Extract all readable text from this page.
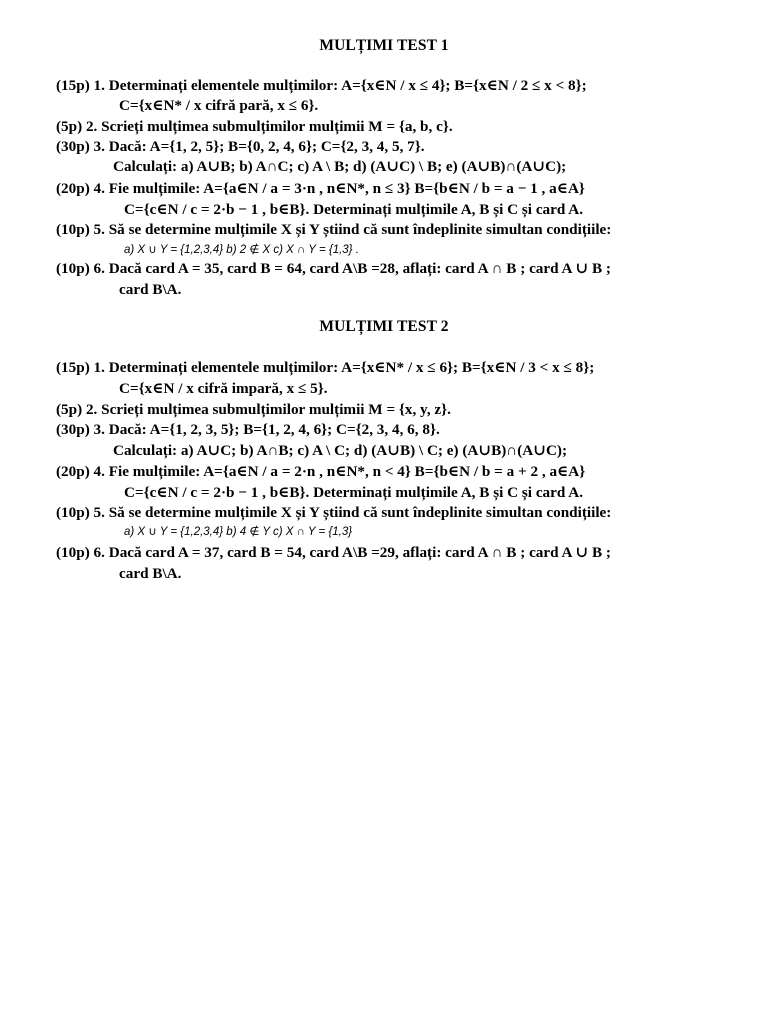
MULȚIMI TEST 1
(15p) 1. Determinați elementele mulțimilor: A={x∈N / x ≤ 4}; B={x∈N / 2 ≤ x < 8};
C={x∈N* / x cifră pară, x ≤ 6}.
(5p) 2. Scrieți mulțimea submulțimilor mulțimii M = {a, b, c}.
(30p) 3. Dacă: A={1, 2, 5}; B={0, 2, 4, 6}; C={2, 3, 4, 5, 7}.
Calculați: a) A∪B; b) A∩C; c) A \ B; d) (A∪C) \ B; e) (A∪B)∩(A∪C);
(20p) 4. Fie mulțimile: A={a∈N / a = 3·n , n∈N*, n ≤ 3} B={b∈N / b = a − 1 , a∈A}
C={c∈N / c = 2·b − 1 , b∈B}. Determinați mulțimile A, B și C și card A.
(10p) 5. Să se determine mulțimile X și Y știind că sunt îndeplinite simultan condițiile:
a) X ∪ Y = {1,2,3,4} b) 2 ∉ X c) X ∩ Y = {1,3} .
(10p) 6. Dacă card A = 35, card B = 64, card A\B =28, aflați: card A ∩ B ; card A ∪ B ;
card B\A.
MULȚIMI TEST 2
(15p) 1. Determinați elementele mulțimilor: A={x∈N* / x ≤ 6}; B={x∈N / 3 < x ≤ 8};
C={x∈N / x cifră impară, x ≤ 5}.
(5p) 2. Scrieți mulțimea submulțimilor mulțimii M = {x, y, z}.
(30p) 3. Dacă: A={1, 2, 3, 5}; B={1, 2, 4, 6}; C={2, 3, 4, 6, 8}.
Calculați: a) A∪C; b) A∩B; c) A \ C; d) (A∪B) \ C; e) (A∪B)∩(A∪C);
(20p) 4. Fie mulțimile: A={a∈N / a = 2·n , n∈N*, n < 4} B={b∈N / b = a + 2 , a∈A}
C={c∈N / c = 2·b − 1 , b∈B}. Determinați mulțimile A, B și C și card A.
(10p) 5. Să se determine mulțimile X și Y știind că sunt îndeplinite simultan condițiile:
a) X ∪ Y = {1,2,3,4} b) 4 ∉ Y c) X ∩ Y = {1,3}
(10p) 6. Dacă card A = 37, card B = 54, card A\B =29, aflați: card A ∩ B ; card A ∪ B ;
card B\A.
